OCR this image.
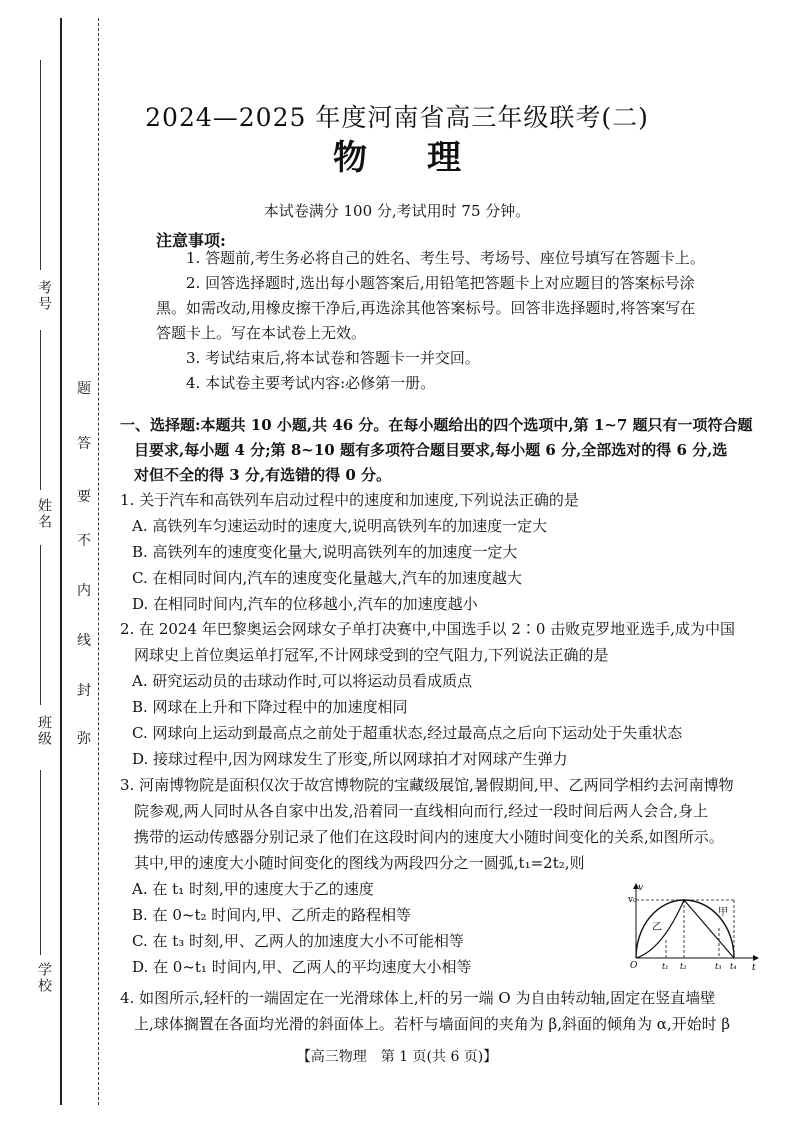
考号
姓名
班级
学校
题
答
要
不
内
线
封
弥
2024—2025 年度河南省高三年级联考(二)
物理
本试卷满分 100 分,考试用时 75 分钟。
注意事项:
1. 答题前,考生务必将自己的姓名、考生号、考场号、座位号填写在答题卡上。
2. 回答选择题时,选出每小题答案后,用铅笔把答题卡上对应题目的答案标号涂
黑。如需改动,用橡皮擦干净后,再选涂其他答案标号。回答非选择题时,将答案写在
答题卡上。写在本试卷上无效。
3. 考试结束后,将本试卷和答题卡一并交回。
4. 本试卷主要考试内容:必修第一册。
一、选择题:本题共 10 小题,共 46 分。在每小题给出的四个选项中,第 1~7 题只有一项符合题
目要求,每小题 4 分;第 8~10 题有多项符合题目要求,每小题 6 分,全部选对的得 6 分,选
对但不全的得 3 分,有选错的得 0 分。
1. 关于汽车和高铁列车启动过程中的速度和加速度,下列说法正确的是
A. 高铁列车匀速运动时的速度大,说明高铁列车的加速度一定大
B. 高铁列车的速度变化量大,说明高铁列车的加速度一定大
C. 在相同时间内,汽车的速度变化量越大,汽车的加速度越大
D. 在相同时间内,汽车的位移越小,汽车的加速度越小
2. 在 2024 年巴黎奥运会网球女子单打决赛中,中国选手以 2∶0 击败克罗地亚选手,成为中国
网球史上首位奥运单打冠军,不计网球受到的空气阻力,下列说法正确的是
A. 研究运动员的击球动作时,可以将运动员看成质点
B. 网球在上升和下降过程中的加速度相同
C. 网球向上运动到最高点之前处于超重状态,经过最高点之后向下运动处于失重状态
D. 接球过程中,因为网球发生了形变,所以网球拍才对网球产生弹力
3. 河南博物院是面积仅次于故宫博物院的宝藏级展馆,暑假期间,甲、乙两同学相约去河南博物
院参观,两人同时从各自家中出发,沿着同一直线相向而行,经过一段时间后两人会合,身上
携带的运动传感器分别记录了他们在这段时间内的速度大小随时间变化的关系,如图所示。
其中,甲的速度大小随时间变化的图线为两段四分之一圆弧,t₁=2t₂,则
A. 在 t₁ 时刻,甲的速度大于乙的速度
B. 在 0~t₂ 时间内,甲、乙所走的路程相等
C. 在 t₃ 时刻,甲、乙两人的加速度大小不可能相等
D. 在 0~t₁ 时间内,甲、乙两人的平均速度大小相等
v₀
v
t
O	t₁ t₂	t₃ t₄
乙
甲
4. 如图所示,轻杆的一端固定在一光滑球体上,杆的另一端 O 为自由转动轴,固定在竖直墙壁
上,球体搁置在各面均光滑的斜面体上。若杆与墙面间的夹角为 β,斜面的倾角为 α,开始时 β
【高三物理　第 1 页(共 6 页)】
